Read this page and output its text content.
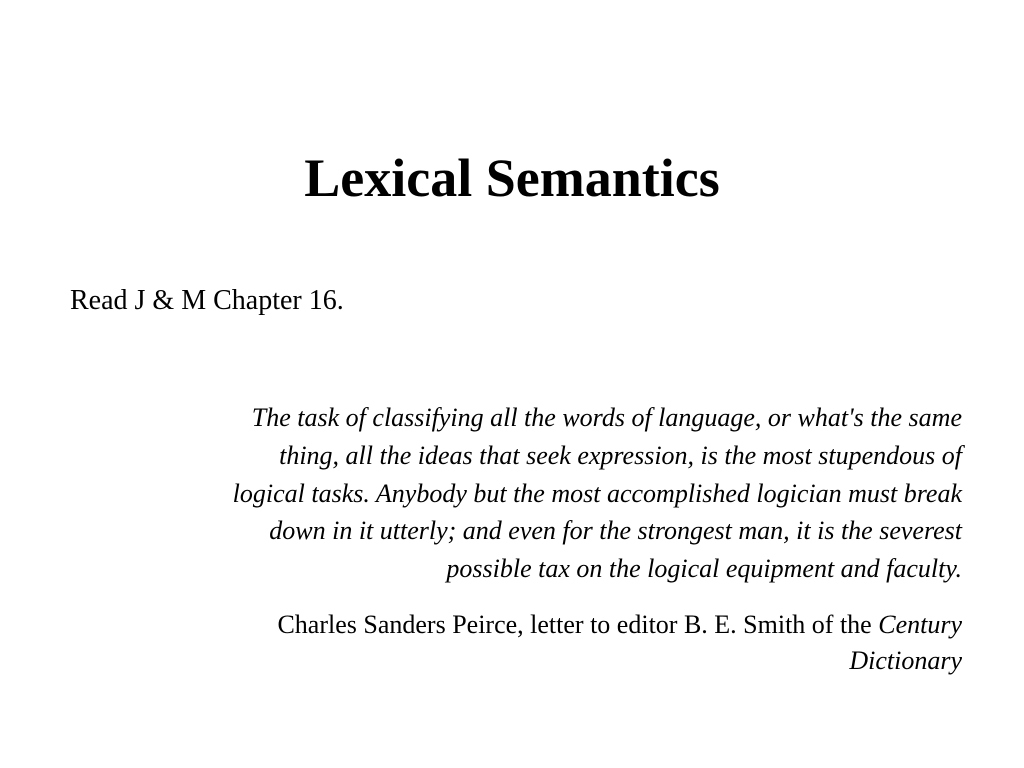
Lexical Semantics

Read J & M Chapter 16.

The task of classifying all the words of language, or what's the same
thing, all the ideas that seek expression, is the most stupendous of
logical tasks. Anybody but the most accomplished logician must break
down in it utterly; and even for the strongest man, it is the severest
possible tax on the logical equipment and faculty.

Charles Sanders Peirce, letter to editor B. E. Smith of the Century
Dictionary
